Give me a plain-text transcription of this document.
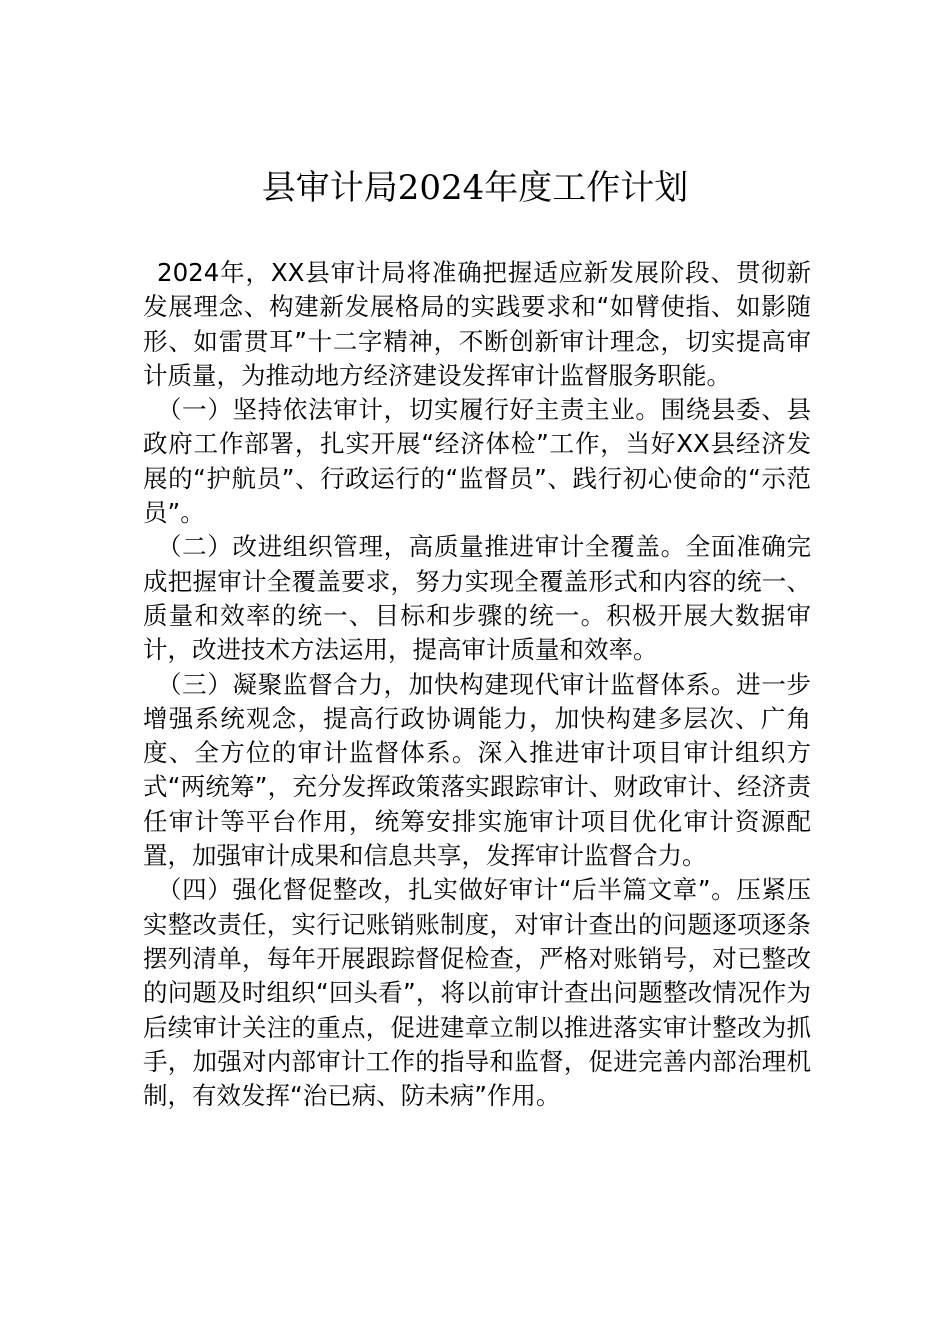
县审计局2024年度工作计划

2024年，XX县审计局将准确把握适应新发展阶段、贯彻新发展理念、构建新发展格局的实践要求和“如臂使指、如影随形、如雷贯耳”十二字精神，不断创新审计理念，切实提高审计质量，为推动地方经济建设发挥审计监督服务职能。

（一）坚持依法审计，切实履行好主责主业。围绕县委、县政府工作部署，扎实开展“经济体检”工作，当好XX县经济发展的“护航员”、行政运行的“监督员”、践行初心使命的“示范员”。

（二）改进组织管理，高质量推进审计全覆盖。全面准确完成把握审计全覆盖要求，努力实现全覆盖形式和内容的统一、质量和效率的统一、目标和步骤的统一。积极开展大数据审计，改进技术方法运用，提高审计质量和效率。

（三）凝聚监督合力，加快构建现代审计监督体系。进一步增强系统观念，提高行政协调能力，加快构建多层次、广角度、全方位的审计监督体系。深入推进审计项目审计组织方式“两统筹”，充分发挥政策落实跟踪审计、财政审计、经济责任审计等平台作用，统筹安排实施审计项目优化审计资源配置，加强审计成果和信息共享，发挥审计监督合力。

（四）强化督促整改，扎实做好审计“后半篇文章”。压紧压实整改责任，实行记账销账制度，对审计查出的问题逐项逐条摆列清单，每年开展跟踪督促检查，严格对账销号，对已整改的问题及时组织“回头看”，将以前审计查出问题整改情况作为后续审计关注的重点，促进建章立制以推进落实审计整改为抓手，加强对内部审计工作的指导和监督，促进完善内部治理机制，有效发挥“治已病、防未病”作用。
